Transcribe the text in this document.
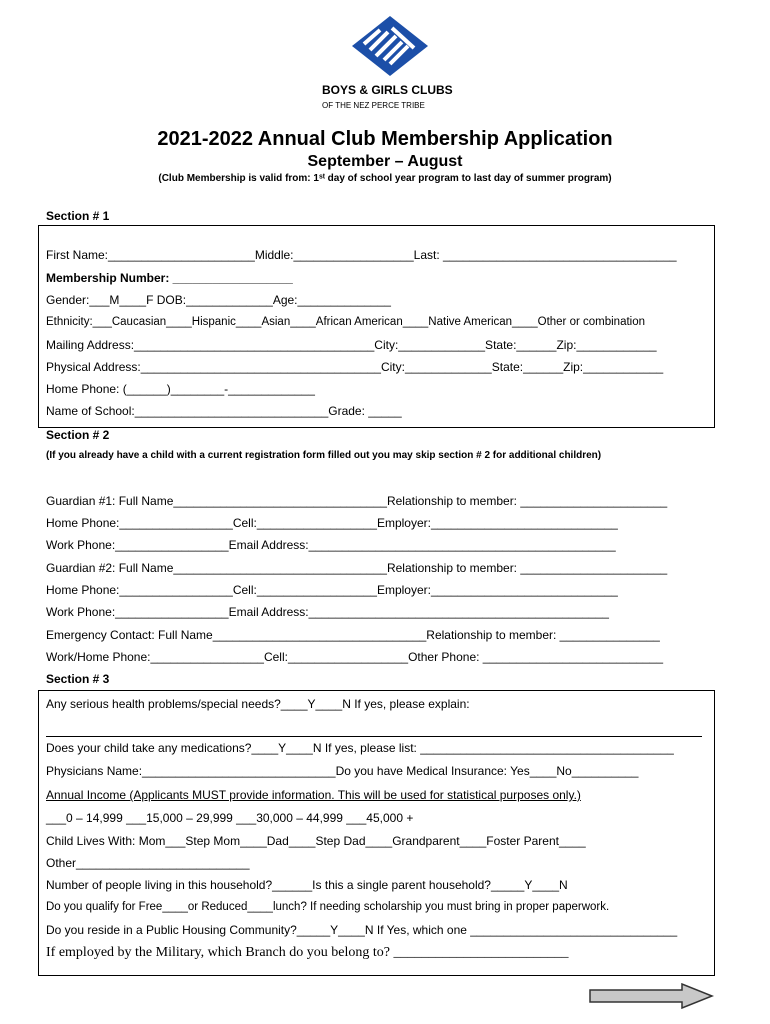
BOYS & GIRLS CLUBS
OF THE NEZ PERCE TRIBE
2021-2022 Annual Club Membership Application
September – August
(Club Membership is valid from: 1ˢᵗ day of school year program to last day of summer program)
Section # 1
First Name:______________________Middle:__________________Last: ___________________________________
Membership Number: __________________
Gender:___M____F DOB:_____________Age:______________
Ethnicity:___Caucasian____Hispanic____Asian____African American____Native American____Other or combination
Mailing Address:____________________________________City:_____________State:______Zip:____________
Physical Address:____________________________________City:_____________State:______Zip:____________
Home Phone: (______)________-_____________
Name of School:_____________________________Grade: _____
Section # 2
(If you already have a child with a current registration form filled out you may skip section # 2 for additional children)
Guardian #1: Full Name________________________________Relationship to member: ______________________
Home Phone:_________________Cell:__________________Employer:____________________________
Work Phone:_________________Email Address:______________________________________________
Guardian #2: Full Name________________________________Relationship to member: ______________________
Home Phone:_________________Cell:__________________Employer:____________________________
Work Phone:_________________Email Address:_____________________________________________
Emergency Contact: Full Name________________________________Relationship to member: _______________
Work/Home Phone:_________________Cell:__________________Other Phone: ___________________________
Section # 3
Any serious health problems/special needs?____Y____N If yes, please explain:
Does your child take any medications?____Y____N If yes, please list: ______________________________________
Physicians Name:_____________________________Do you have Medical Insurance: Yes____No__________
Annual Income (Applicants MUST provide information. This will be used for statistical purposes only.)
___0 – 14,999 ___15,000 – 29,999 ___30,000 – 44,999 ___45,000 +
Child Lives With: Mom___Step Mom____Dad____Step Dad____Grandparent____Foster Parent____
Other__________________________
Number of people living in this household?______Is this a single parent household?_____Y____N
Do you qualify for Free____or Reduced____lunch? If needing scholarship you must bring in proper paperwork.
Do you reside in a Public Housing Community?_____Y____N If Yes, which one _______________________________
If employed by the Military, which Branch do you belong to? _________________________
